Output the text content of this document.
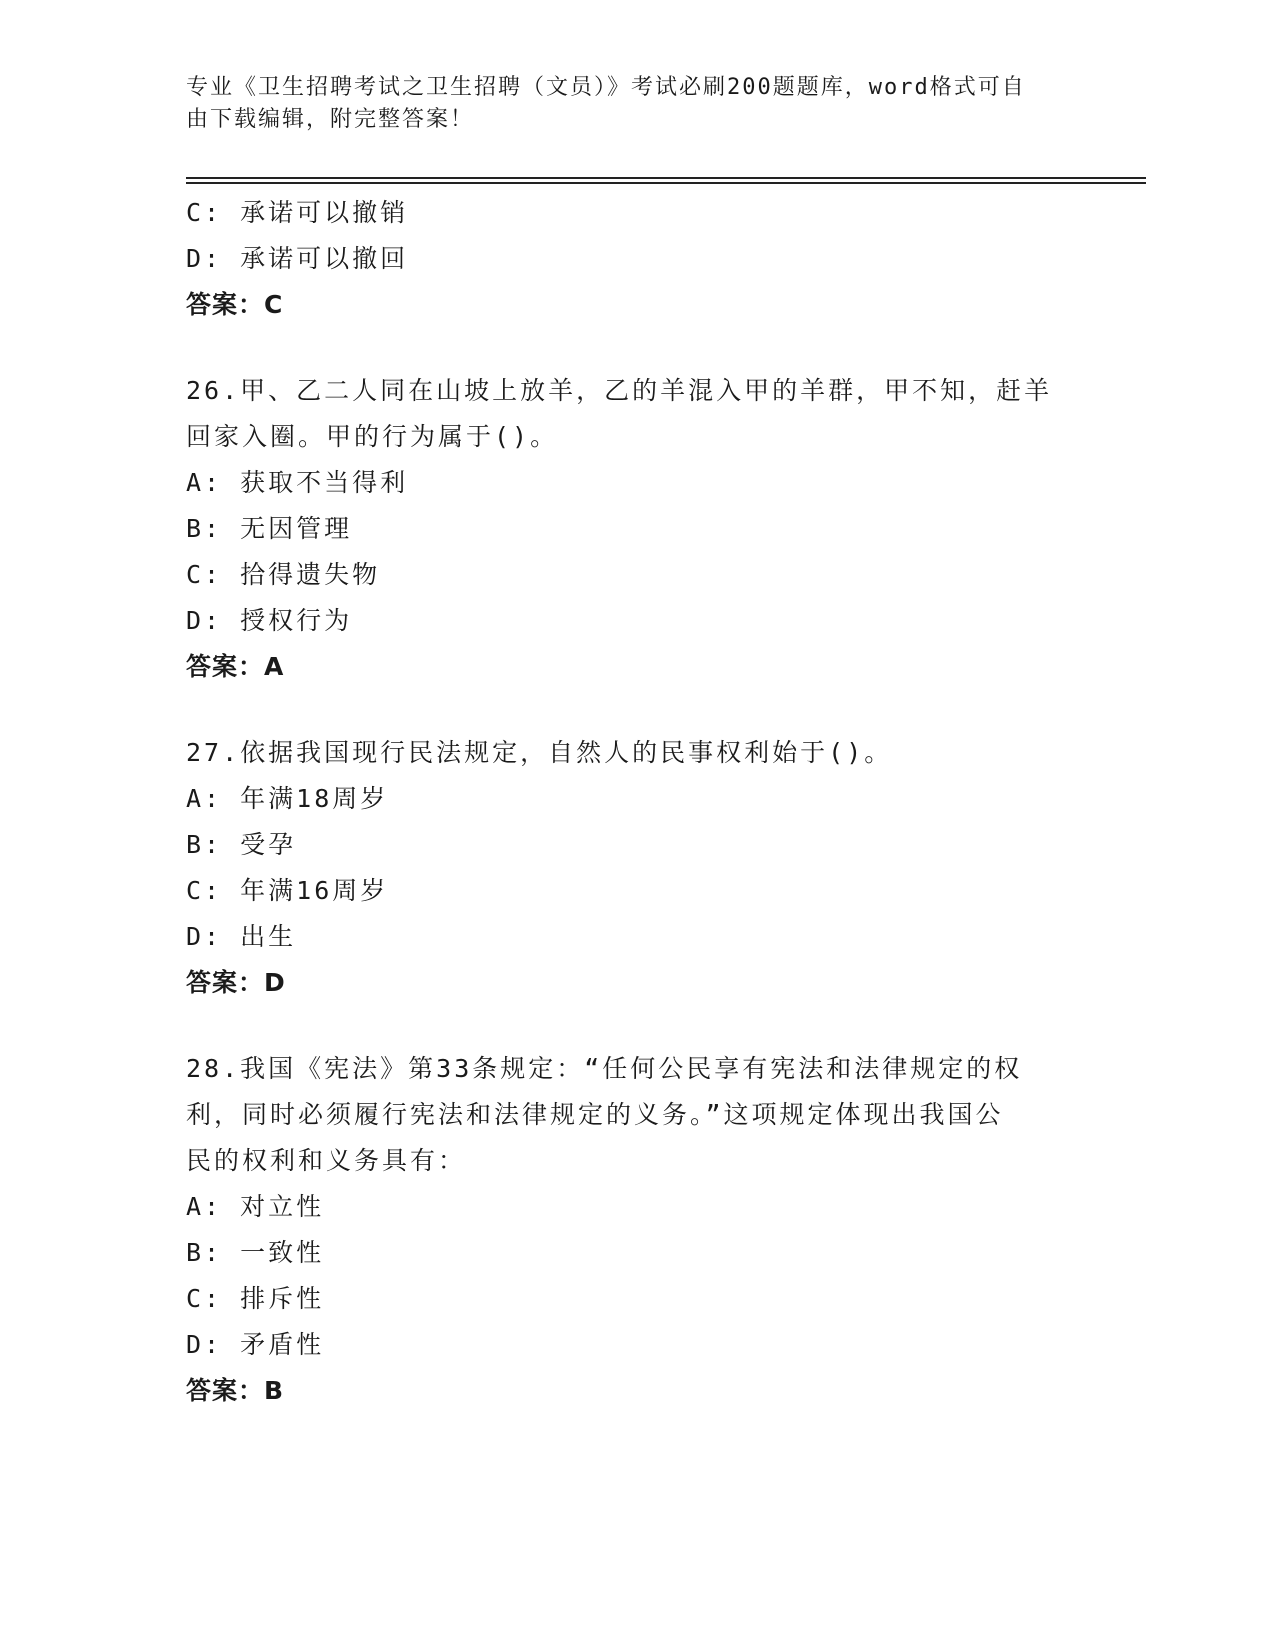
专业《卫生招聘考试之卫生招聘（文员）》考试必刷200题题库，word格式可自
由下载编辑，附完整答案！
C: 承诺可以撤销
D: 承诺可以撤回
答案：C
26.甲、乙二人同在山坡上放羊，乙的羊混入甲的羊群，甲不知，赶羊
回家入圈。甲的行为属于()。
A: 获取不当得利
B: 无因管理
C: 拾得遗失物
D: 授权行为
答案：A
27.依据我国现行民法规定，自然人的民事权利始于()。
A: 年满18周岁
B: 受孕
C: 年满16周岁
D: 出生
答案：D
28.我国《宪法》第33条规定：“任何公民享有宪法和法律规定的权
利，同时必须履行宪法和法律规定的义务。”这项规定体现出我国公
民的权利和义务具有：
A: 对立性
B: 一致性
C: 排斥性
D: 矛盾性
答案：B
